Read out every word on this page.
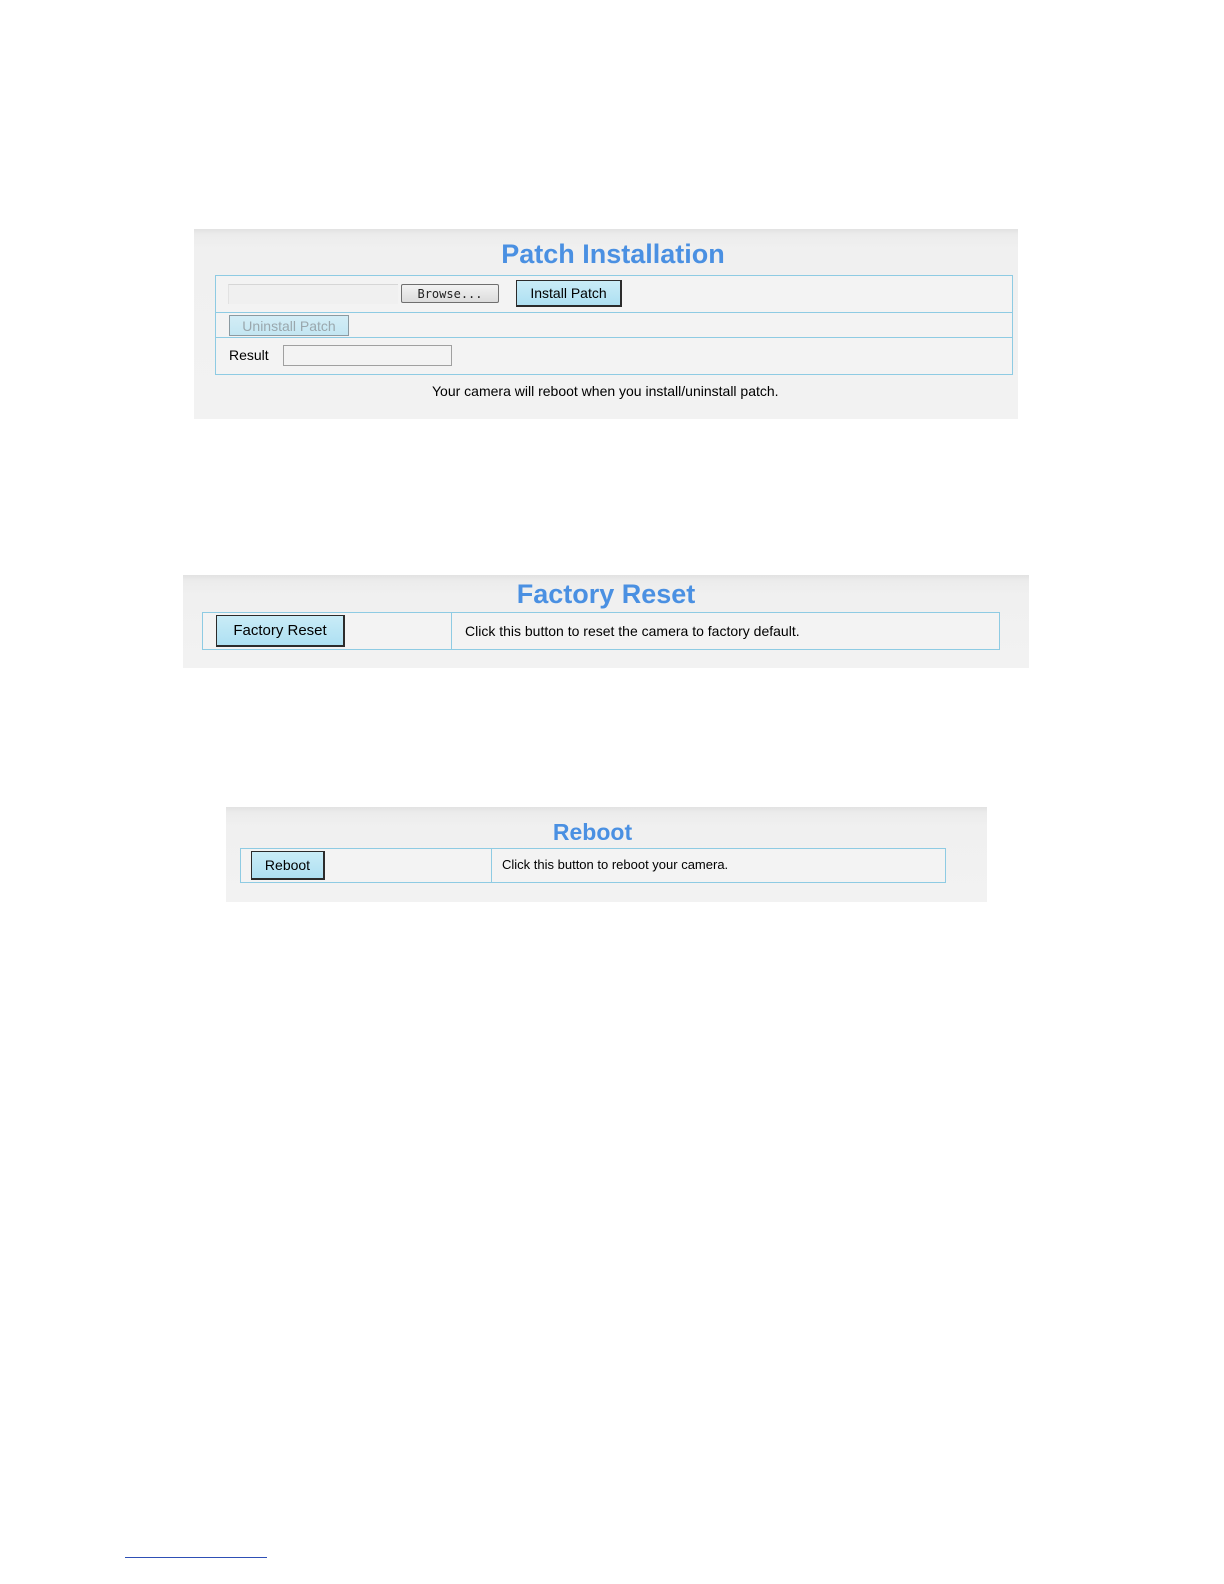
Patch Installation
Browse...	Install Patch
Uninstall Patch
Result
Your camera will reboot when you install/uninstall patch.
Factory Reset
Factory Reset	Click this button to reset the camera to factory default.
Reboot
Reboot	Click this button to reboot your camera.
